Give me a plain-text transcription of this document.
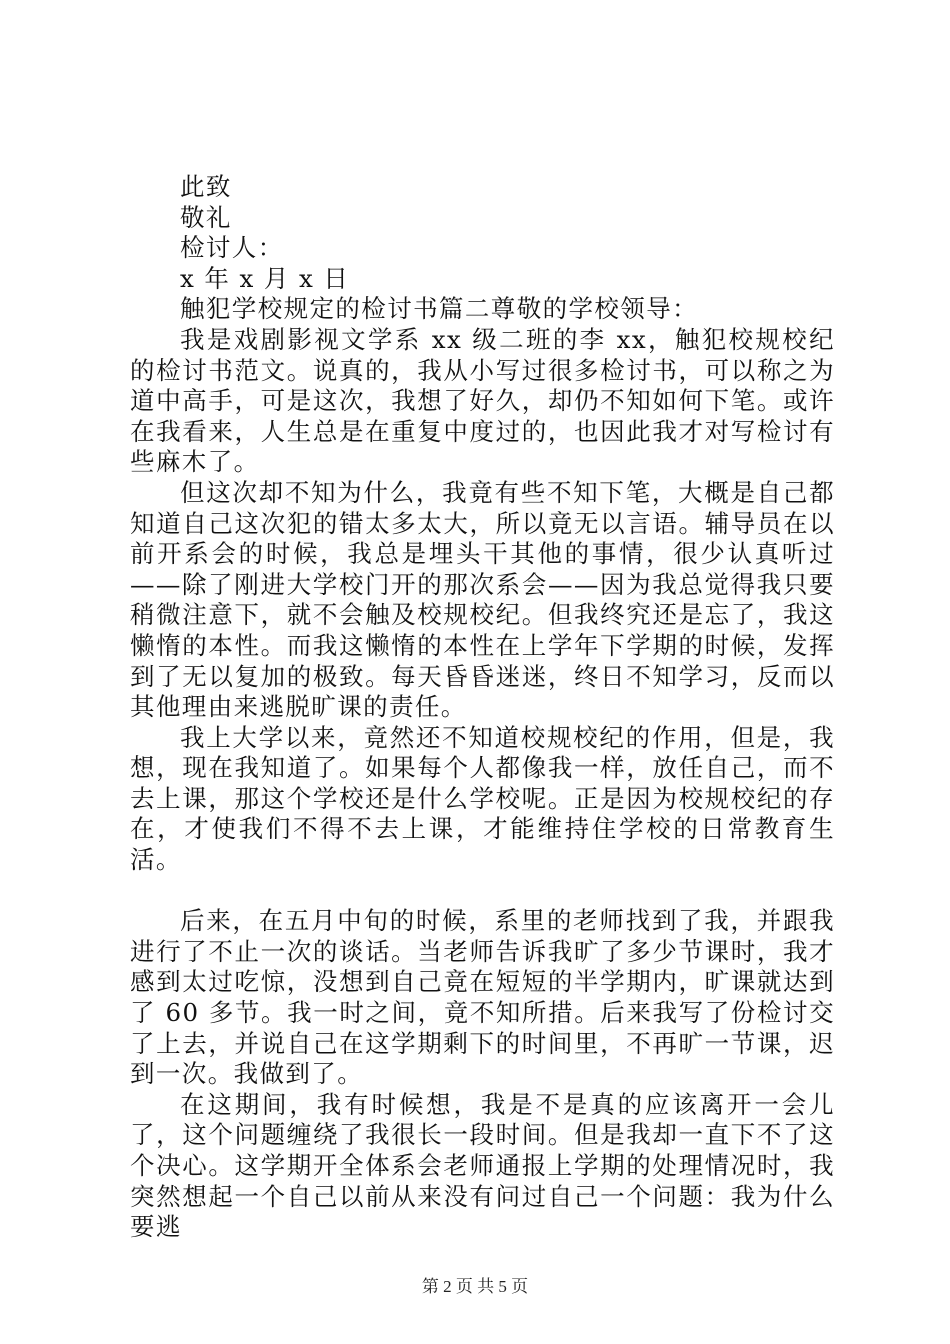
此致
敬礼
检讨人：
x 年 x 月 x 日
触犯学校规定的检讨书篇二尊敬的学校领导：

我是戏剧影视文学系 xx 级二班的李 xx，触犯校规校纪的检讨书范文。说真的，我从小写过很多检讨书，可以称之为道中高手，可是这次，我想了好久，却仍不知如何下笔。或许在我看来，人生总是在重复中度过的，也因此我才对写检讨有些麻木了。

但这次却不知为什么，我竟有些不知下笔，大概是自己都知道自己这次犯的错太多太大，所以竟无以言语。辅导员在以前开系会的时候，我总是埋头干其他的事情，很少认真听过——除了刚进大学校门开的那次系会——因为我总觉得我只要稍微注意下，就不会触及校规校纪。但我终究还是忘了，我这懒惰的本性。而我这懒惰的本性在上学年下学期的时候，发挥到了无以复加的极致。每天昏昏迷迷，终日不知学习，反而以其他理由来逃脱旷课的责任。

我上大学以来，竟然还不知道校规校纪的作用，但是，我想，现在我知道了。如果每个人都像我一样，放任自己，而不去上课，那这个学校还是什么学校呢。正是因为校规校纪的存在，才使我们不得不去上课，才能维持住学校的日常教育生活。

后来，在五月中旬的时候，系里的老师找到了我，并跟我进行了不止一次的谈话。当老师告诉我旷了多少节课时，我才感到太过吃惊，没想到自己竟在短短的半学期内，旷课就达到了 60 多节。我一时之间，竟不知所措。后来我写了份检讨交了上去，并说自己在这学期剩下的时间里，不再旷一节课，迟到一次。我做到了。

在这期间，我有时候想，我是不是真的应该离开一会儿了，这个问题缠绕了我很长一段时间。但是我却一直下不了这个决心。这学期开全体系会老师通报上学期的处理情况时，我突然想起一个自己以前从来没有问过自己一个问题：我为什么要逃

第 2 页 共 5 页
